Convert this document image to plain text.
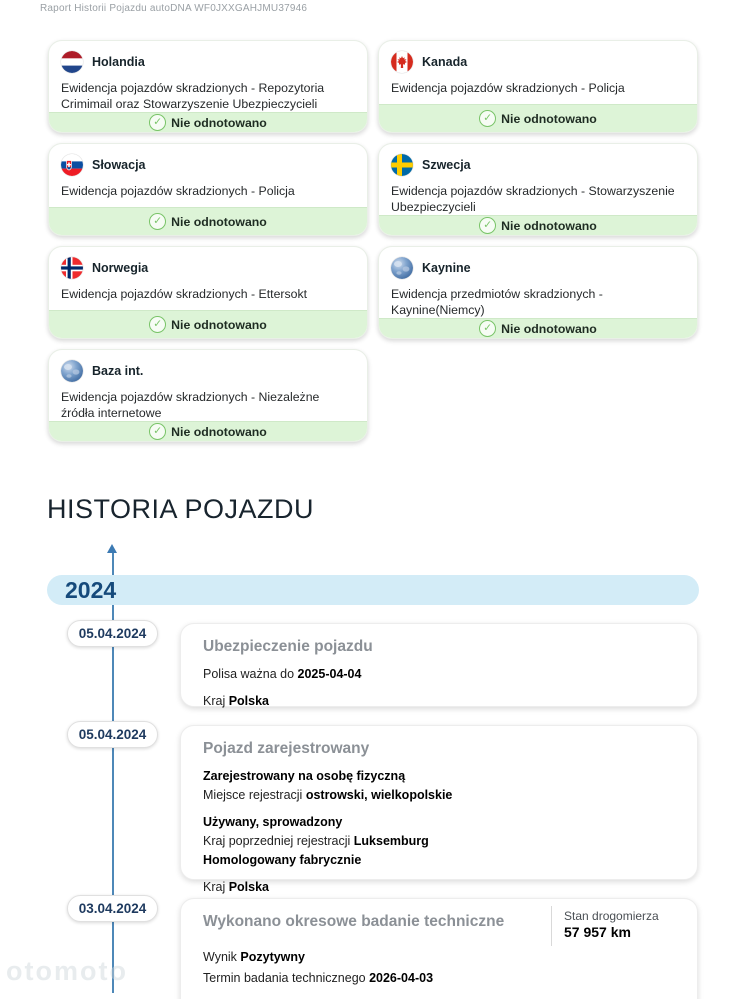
Raport Historii Pojazdu autoDNA WF0JXXGAHJMU37946
Holandia
Ewidencja pojazdów skradzionych - Repozytoria Crimimail oraz Stowarzyszenie Ubezpieczycieli
✓ Nie odnotowano
Kanada
Ewidencja pojazdów skradzionych - Policja
✓ Nie odnotowano
Słowacja
Ewidencja pojazdów skradzionych - Policja
✓ Nie odnotowano
Szwecja
Ewidencja pojazdów skradzionych - Stowarzyszenie Ubezpieczycieli
✓ Nie odnotowano
Norwegia
Ewidencja pojazdów skradzionych - Ettersokt
✓ Nie odnotowano
Kaynine
Ewidencja przedmiotów skradzionych - Kaynine(Niemcy)
✓ Nie odnotowano
Baza int.
Ewidencja pojazdów skradzionych - Niezależne źródła internetowe
✓ Nie odnotowano
HISTORIA POJAZDU
2024
05.04.2024
Ubezpieczenie pojazdu
Polisa ważna do 2025-04-04
Kraj Polska
05.04.2024
Pojazd zarejestrowany
Zarejestrowany na osobę fizyczną
Miejsce rejestracji ostrowski, wielkopolskie
Używany, sprowadzony
Kraj poprzedniej rejestracji Luksemburg
Homologowany fabrycznie
Kraj Polska
03.04.2024
Wykonano okresowe badanie techniczne
Wynik Pozytywny
Termin badania technicznego 2026-04-03
Stan drogomierza
57 957 km
otomoto
